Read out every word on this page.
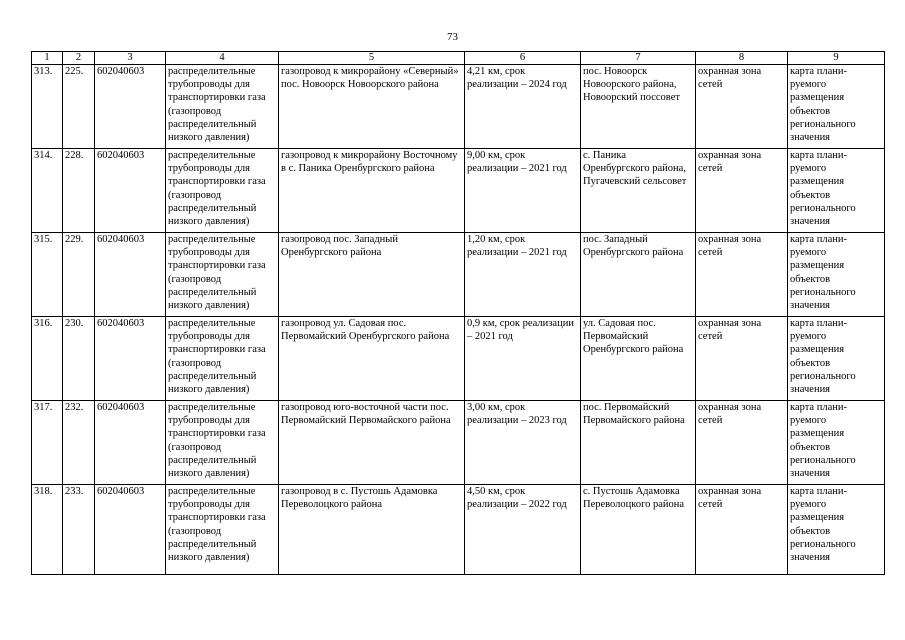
73
1	2	3	4	5	6	7	8	9
313.	225.	602040603	распределительные трубопроводы для транспортировки газа (газопровод распределительный низкого давления)	газопровод к микрорайону «Северный» пос. Новоорск Новоорского района	4,21 км, срок реализации – 2024 год	пос. Новоорск Новоорского района, Новоорский поссовет	охранная зона сетей	карта плани-руемого размещения объектов регионального значения
314.	228.	602040603	распределительные трубопроводы для транспортировки газа (газопровод распределительный низкого давления)	газопровод к микрорайону Восточному в с. Паника Оренбургского района	9,00 км, срок реализации – 2021 год	с. Паника Оренбургского района, Пугачевский сельсовет	охранная зона сетей	карта плани-руемого размещения объектов регионального значения
315.	229.	602040603	распределительные трубопроводы для транспортировки газа (газопровод распределительный низкого давления)	газопровод пос. Западный Оренбургского района	1,20 км, срок реализации – 2021 год	пос. Западный Оренбургского района	охранная зона сетей	карта плани-руемого размещения объектов регионального значения
316.	230.	602040603	распределительные трубопроводы для транспортировки газа (газопровод распределительный низкого давления)	газопровод ул. Садовая пос. Первомайский Оренбургского района	0,9 км, срок реализации – 2021 год	ул. Садовая пос. Первомайский Оренбургского района	охранная зона сетей	карта плани-руемого размещения объектов регионального значения
317.	232.	602040603	распределительные трубопроводы для транспортировки газа (газопровод распределительный низкого давления)	газопровод юго-восточной части пос. Первомайский Первомайского района	3,00 км, срок реализации – 2023 год	пос. Первомайский Первомайского района	охранная зона сетей	карта плани-руемого размещения объектов регионального значения
318.	233.	602040603	распределительные трубопроводы для транспортировки газа (газопровод распределительный низкого давления)	газопровод в с. Пустошь Адамовка Переволоцкого района	4,50 км, срок реализации – 2022 год	с. Пустошь Адамовка Переволоцкого района	охранная зона сетей	карта плани-руемого размещения объектов регионального значения
